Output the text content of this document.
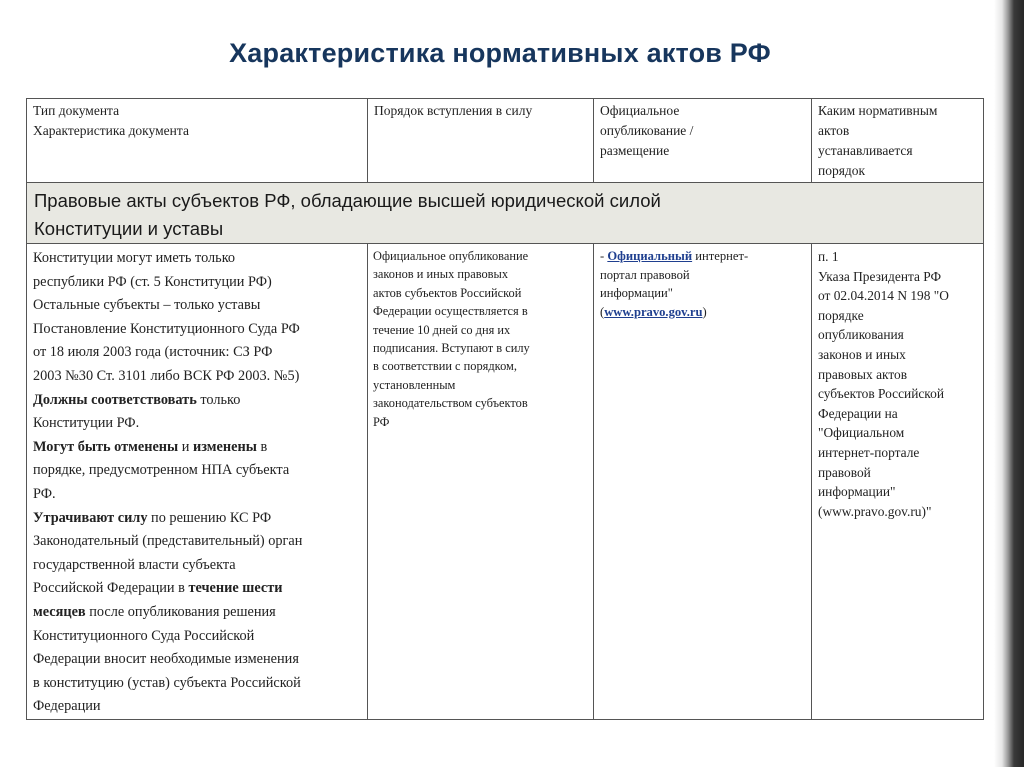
Характеристика нормативных актов РФ

Тип документа

Характеристика документа

Порядок вступления в силу	Официальное

опубликование /

размещение

Каким нормативным

актов

устанавливается

порядок

Правовые акты субъектов РФ, обладающие высшей юридической силой
Конституции и уставы

Конституции могут иметь только

республики РФ (ст. 5 Конституции РФ)

Остальные субъекты – только уставы

Постановление Конституционного Суда РФ

от 18 июля 2003 года (источник: СЗ РФ

2003 №30 Ст. 3101 либо ВСК РФ 2003. №5)

Должны соответствовать только

Конституции РФ.

Могут быть отменены и изменены в

порядке, предусмотренном НПА субъекта

РФ.

Утрачивают силу по решению КС РФ

Законодательный (представительный) орган

государственной власти субъекта

Российской Федерации в течение шести

месяцев после опубликования решения

Конституционного Суда Российской

Федерации вносит необходимые изменения

в конституцию (устав) субъекта Российской

Федерации

Официальное опубликование

законов и иных правовых

актов субъектов Российской

Федерации осуществляется в

течение 10 дней со дня их

подписания. Вступают в силу

в соответствии с порядком,

установленным

законодательством субъектов

РФ

- Официальный интернет-

портал правовой

информации"

(www.pravo.gov.ru)

п. 1

Указа Президента РФ

от 02.04.2014 N 198 "О

порядке

опубликования

законов и иных

правовых актов

субъектов Российской

Федерации на

"Официальном

интернет-портале

правовой

информации"

(www.pravo.gov.ru)"
